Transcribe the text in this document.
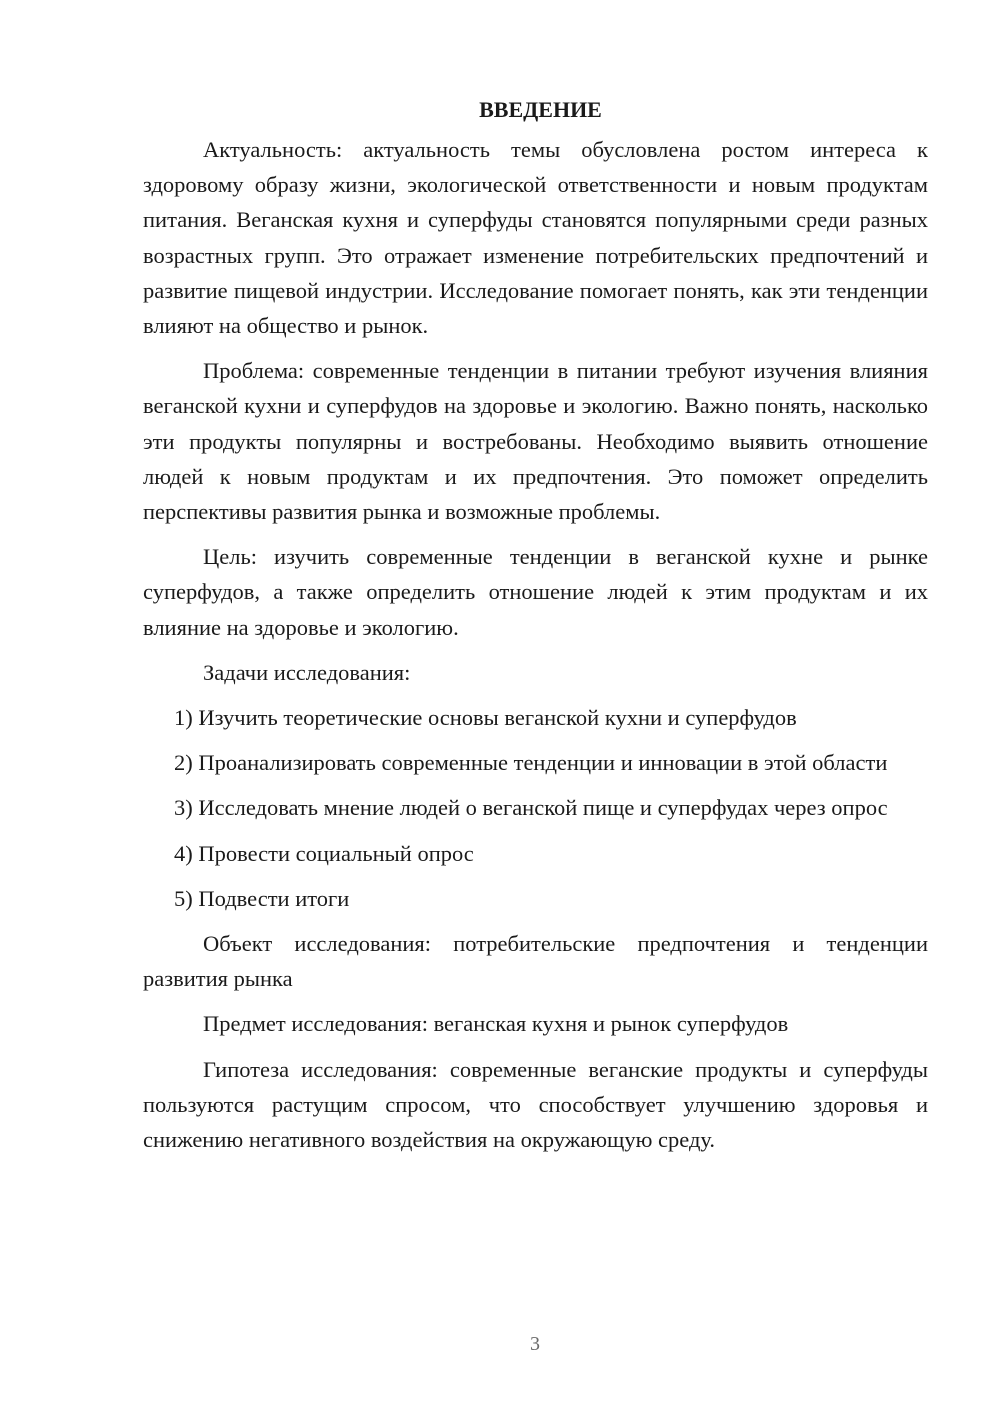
ВВЕДЕНИЕ

Актуальность: актуальность темы обусловлена ростом интереса к здоровому образу жизни, экологической ответственности и новым продуктам питания. Веганская кухня и суперфуды становятся популярными среди разных возрастных групп. Это отражает изменение потребительских предпочтений и развитие пищевой индустрии. Исследование помогает понять, как эти тенденции влияют на общество и рынок.

Проблема: современные тенденции в питании требуют изучения влияния веганской кухни и суперфудов на здоровье и экологию. Важно понять, насколько эти продукты популярны и востребованы. Необходимо выявить отношение людей к новым продуктам и их предпочтения. Это поможет определить перспективы развития рынка и возможные проблемы.

Цель: изучить современные тенденции в веганской кухне и рынке суперфудов, а также определить отношение людей к этим продуктам и их влияние на здоровье и экологию.

Задачи исследования:

1) Изучить теоретические основы веганской кухни и суперфудов

2) Проанализировать современные тенденции и инновации в этой области

3) Исследовать мнение людей о веганской пище и суперфудах через опрос

4) Провести социальный опрос

5) Подвести итоги

Объект исследования: потребительские предпочтения и тенденции развития рынка

Предмет исследования: веганская кухня и рынок суперфудов

Гипотеза исследования: современные веганские продукты и суперфуды пользуются растущим спросом, что способствует улучшению здоровья и снижению негативного воздействия на окружающую среду.

3
